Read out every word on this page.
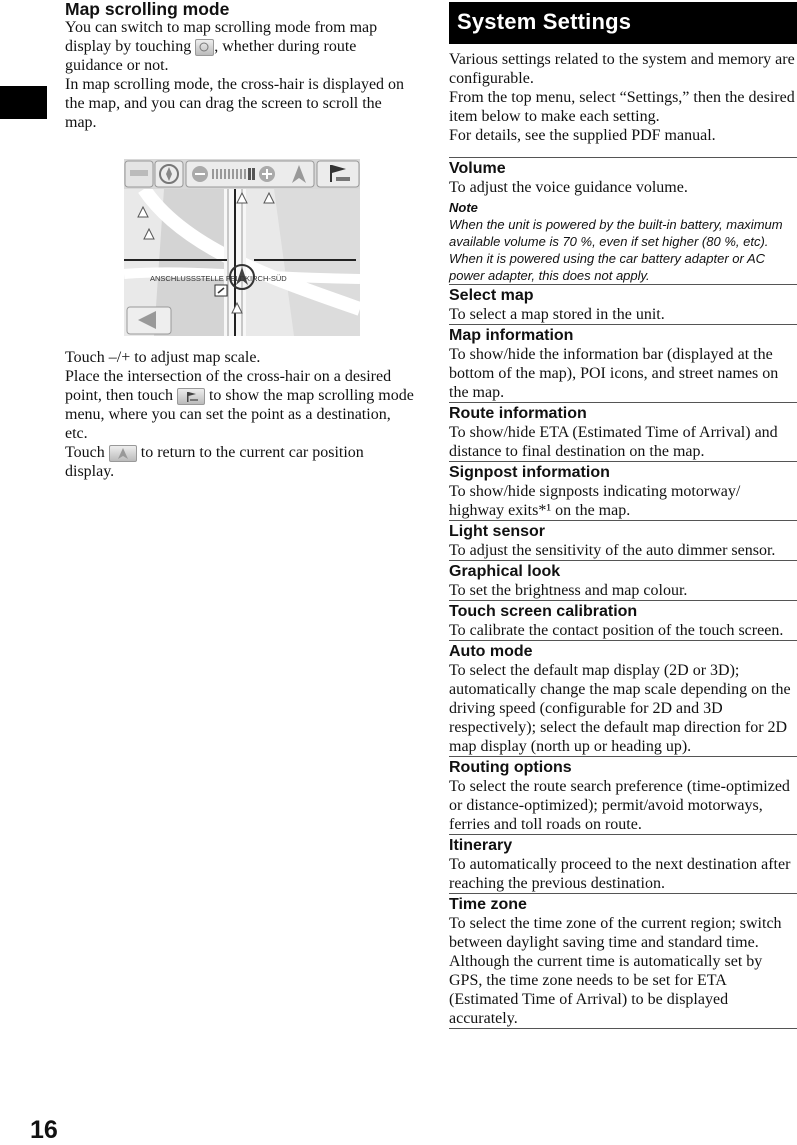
Map scrolling mode

You can switch to map scrolling mode from map display by touching , whether during route guidance or not.

In map scrolling mode, the cross-hair is displayed on the map, and you can drag the screen to scroll the map.

ANSCHLUSSSTELLE FELDKIRCH-SÜD

Touch –/+ to adjust map scale.

Place the intersection of the cross-hair on a desired point, then touch to show the map scrolling mode menu, where you can set the point as a destination, etc.

Touch to return to the current car position display.

System Settings
Various settings related to the system and memory are configurable.
From the top menu, select “Settings,” then the desired item below to make each setting.
For details, see the supplied PDF manual.
Volume
To adjust the voice guidance volume.
Note
When the unit is powered by the built-in battery, maximum available volume is 70 %, even if set higher (80 %, etc). When it is powered using the car battery adapter or AC power adapter, this does not apply.
Select map
To select a map stored in the unit.
Map information
To show/hide the information bar (displayed at the bottom of the map), POI icons, and street names on the map.
Route information
To show/hide ETA (Estimated Time of Arrival) and distance to final destination on the map.
Signpost information
To show/hide signposts indicating motorway/ highway exits*¹ on the map.
Light sensor
To adjust the sensitivity of the auto dimmer sensor.
Graphical look
To set the brightness and map colour.
Touch screen calibration
To calibrate the contact position of the touch screen.
Auto mode
To select the default map display (2D or 3D); automatically change the map scale depending on the driving speed (configurable for 2D and 3D respectively); select the default map direction for 2D map display (north up or heading up).
Routing options
To select the route search preference (time-optimized or distance-optimized); permit/avoid motorways, ferries and toll roads on route.
Itinerary
To automatically proceed to the next destination after reaching the previous destination.
Time zone
To select the time zone of the current region; switch between daylight saving time and standard time.
Although the current time is automatically set by GPS, the time zone needs to be set for ETA (Estimated Time of Arrival) to be displayed accurately.
16
